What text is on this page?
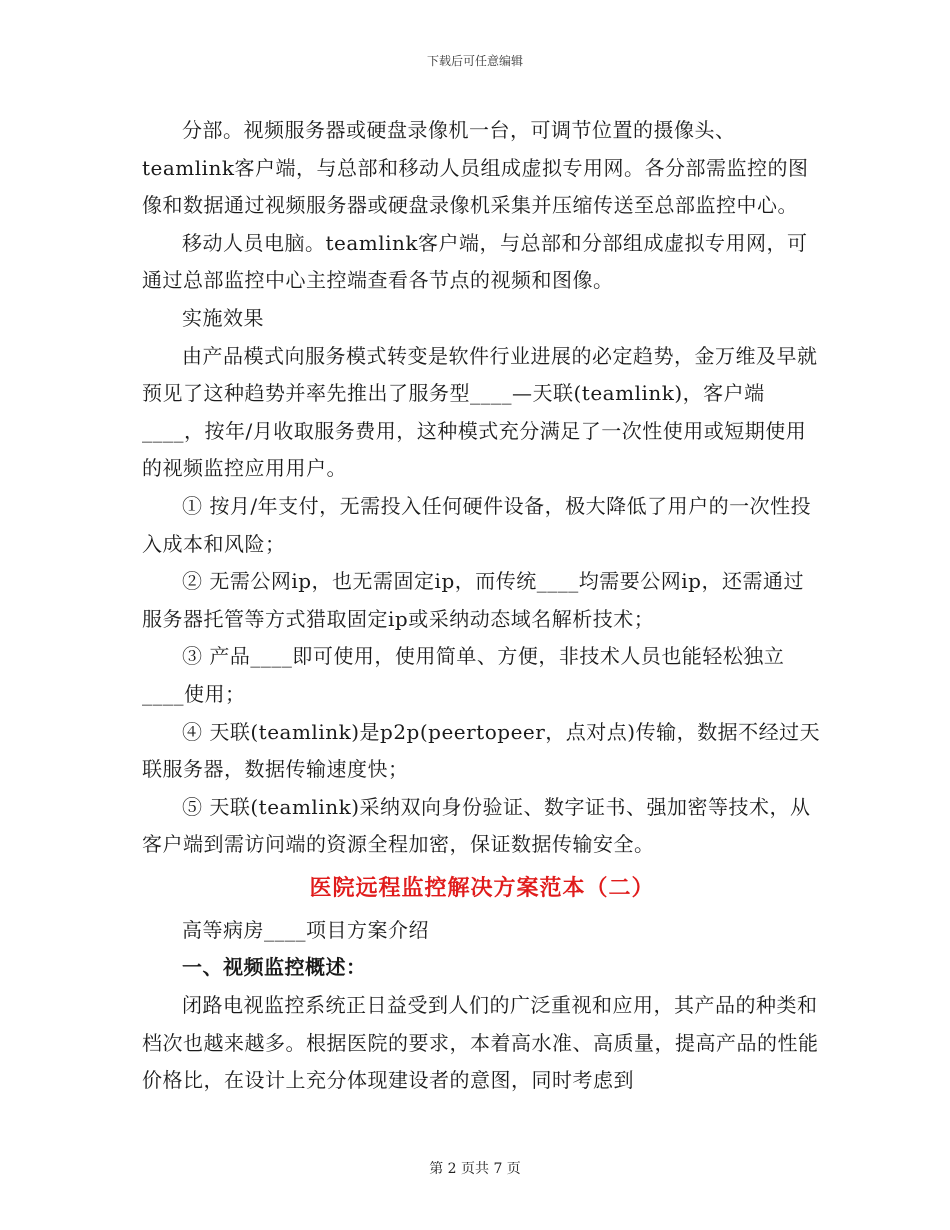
下载后可任意编辑

分部。视频服务器或硬盘录像机一台，可调节位置的摄像头、teamlink客户端，与总部和移动人员组成虚拟专用网。各分部需监控的图像和数据通过视频服务器或硬盘录像机采集并压缩传送至总部监控中心。

移动人员电脑。teamlink客户端，与总部和分部组成虚拟专用网，可通过总部监控中心主控端查看各节点的视频和图像。

实施效果

由产品模式向服务模式转变是软件行业进展的必定趋势，金万维及早就预见了这种趋势并率先推出了服务型____—天联(teamlink)，客户端____，按年/月收取服务费用，这种模式充分满足了一次性使用或短期使用的视频监控应用用户。

① 按月/年支付，无需投入任何硬件设备，极大降低了用户的一次性投入成本和风险；

② 无需公网ip，也无需固定ip，而传统____均需要公网ip，还需通过服务器托管等方式猎取固定ip或采纳动态域名解析技术；

③ 产品____即可使用，使用简单、方便，非技术人员也能轻松独立____使用；

④ 天联(teamlink)是p2p(peertopeer，点对点)传输，数据不经过天联服务器，数据传输速度快；

⑤ 天联(teamlink)采纳双向身份验证、数字证书、强加密等技术，从客户端到需访问端的资源全程加密，保证数据传输安全。

医院远程监控解决方案范本（二）

高等病房____项目方案介绍

一、视频监控概述：

闭路电视监控系统正日益受到人们的广泛重视和应用，其产品的种类和档次也越来越多。根据医院的要求，本着高水准、高质量，提高产品的性能价格比，在设计上充分体现建设者的意图，同时考虑到

第 2 页共 7 页
